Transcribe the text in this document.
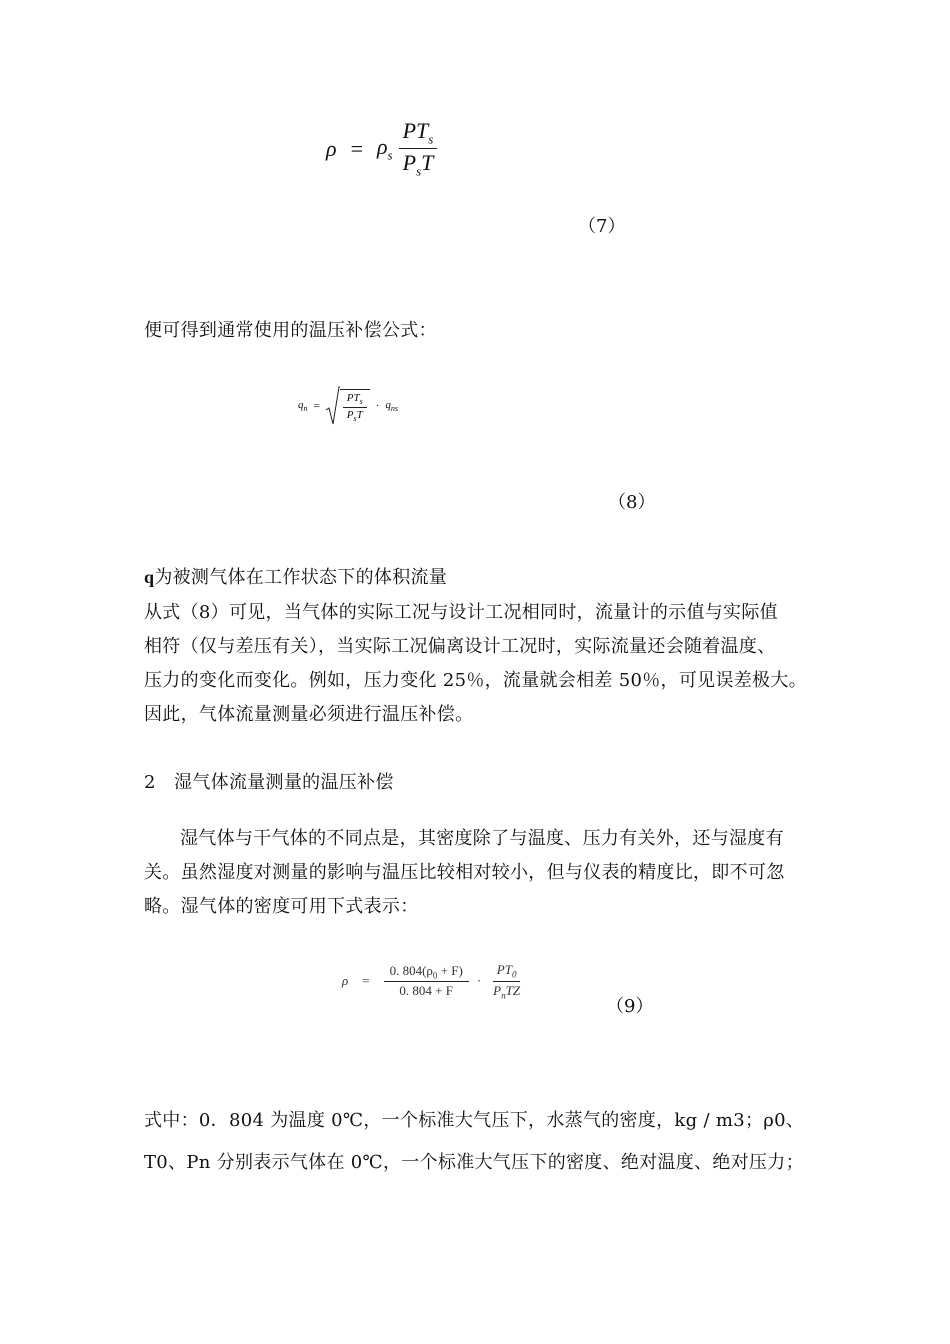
$\rho = \rho_s \frac{PT_s}{P_sT}$
（7）
便可得到通常使用的温压补偿公式：
$q_n = \frac{PT_s}{P_sT} \cdot q_{ns}$
（8）
q为被测气体在工作状态下的体积流量
从式（8）可见，当气体的实际工况与设计工况相同时，流量计的示值与实际值
相符（仅与差压有关），当实际工况偏离设计工况时，实际流量还会随着温度、
压力的变化而变化。例如，压力变化 25％，流量就会相差 50％，可见误差极大。
因此，气体流量测量必须进行温压补偿。
2　湿气体流量测量的温压补偿
湿气体与干气体的不同点是，其密度除了与温度、压力有关外，还与湿度有
关。虽然湿度对测量的影响与温压比较相对较小，但与仪表的精度比，即不可忽
略。湿气体的密度可用下式表示：
$\rho = \frac{0. 804(\rho_0 + F)}{0. 804 + F} \cdot \frac{PT_0}{P_nTZ}$
（9）
式中：0．804 为温度 0℃，一个标准大气压下，水蒸气的密度，kg / m3；ρ0、
T0、Pn 分别表示气体在 0℃，一个标准大气压下的密度、绝对温度、绝对压力；
